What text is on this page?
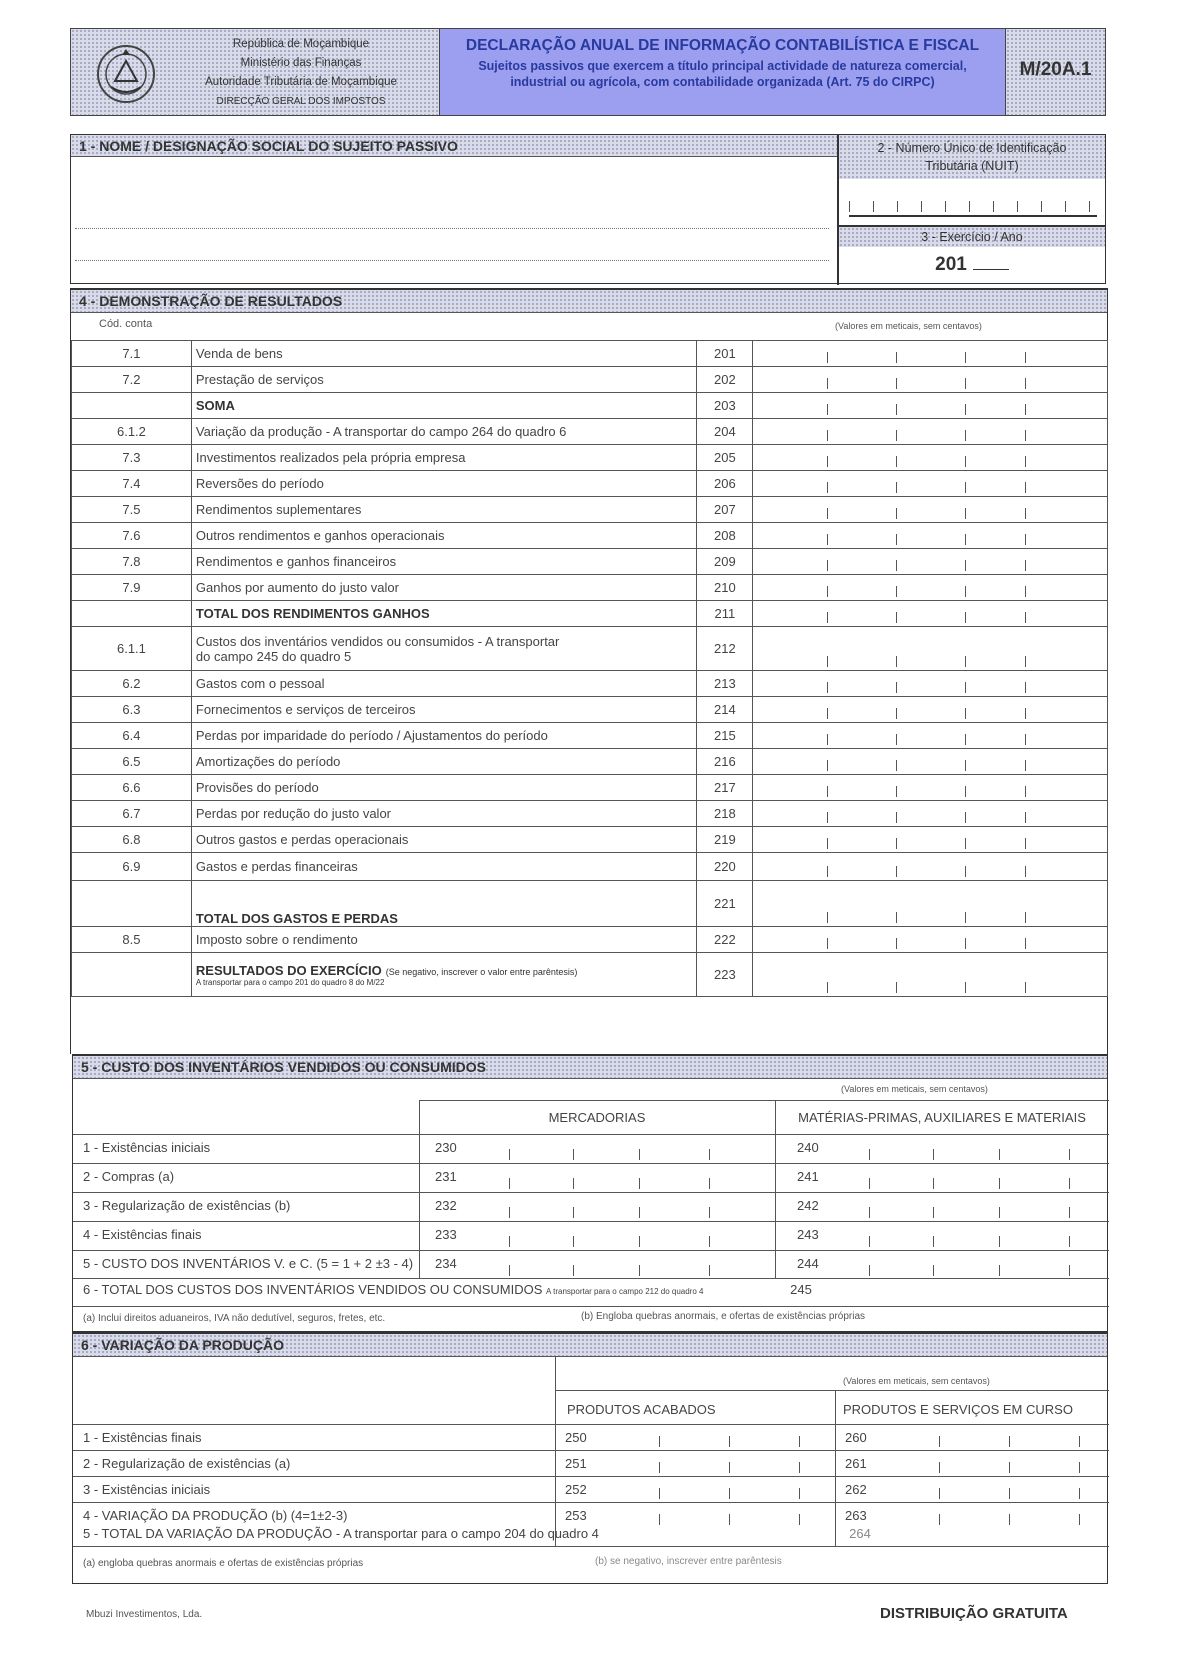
República de Moçambique
Ministério das Finanças
Autoridade Tributária de Moçambique
DIRECÇÃO GERAL DOS IMPOSTOS
DECLARAÇÃO ANUAL DE INFORMAÇÃO CONTABILÍSTICA E FISCAL
Sujeitos passivos que exercem a título principal actividade de natureza comercial,
industrial ou agrícola, com contabilidade organizada (Art. 75 do CIRPC)
M/20A.1
1 - NOME / DESIGNAÇÃO SOCIAL DO SUJEITO PASSIVO	2 - Número Único de Identificação
Tributária (NUIT)
3 - Exercício / Ano
201
4 - DEMONSTRAÇÃO DE RESULTADOS
Cód. conta	(Valores em meticais, sem centavos)
7.1	Venda de bens	201	

7.2	Prestação de serviços	202	

	SOMA	203	

6.1.2	Variação da produção - A transportar do campo 264 do quadro 6	204	

7.3	Investimentos realizados pela própria empresa	205	

7.4	Reversões do período	206	

7.5	Rendimentos suplementares	207	

7.6	Outros rendimentos e ganhos operacionais	208	

7.8	Rendimentos e ganhos financeiros	209	

7.9	Ganhos por aumento do justo valor	210	

	TOTAL DOS RENDIMENTOS GANHOS	211	

6.1.1	Custos dos inventários vendidos ou consumidos - A transportar
do campo 245 do quadro 5	212	

6.2	Gastos com o pessoal	213	

6.3	Fornecimentos e serviços de terceiros	214	

6.4	Perdas por imparidade do período / Ajustamentos do período	215	

6.5	Amortizações do período	216	

6.6	Provisões do período	217	

6.7	Perdas por redução do justo valor	218	

6.8	Outros gastos e perdas operacionais	219	

6.9	Gastos e perdas financeiras	220	

	TOTAL DOS GASTOS E PERDAS	221	

8.5	Imposto sobre o rendimento	222	

	RESULTADOS DO EXERCÍCIO (Se negativo, inscrever o valor entre parêntesis)
A transportar para o campo 201 do quadro 8 do M/22	223	
5 - CUSTO DOS INVENTÁRIOS VENDIDOS OU CONSUMIDOS
(Valores em meticais, sem centavos)
MERCADORIAS	MATÉRIAS-PRIMAS, AUXILIARES E MATERIAIS
1 - Existências iniciais	230	240
2 - Compras (a)	231	241
3 - Regularização de existências (b)	232	242
4 - Existências finais	233	243
5 - CUSTO DOS INVENTÁRIOS V. e C. (5 = 1 + 2 ±3 - 4) 234	244
6 - TOTAL DOS CUSTOS DOS INVENTÁRIOS VENDIDOS OU CONSUMIDOS A transportar para o campo 212 do quadro 4	245
(a) Inclui direitos aduaneiros, IVA não dedutível, seguros, fretes, etc.	(b) Engloba quebras anormais, e ofertas de existências próprias
6 - VARIAÇÃO DA PRODUÇÃO
(Valores em meticais, sem centavos)
PRODUTOS ACABADOS	PRODUTOS E SERVIÇOS EM CURSO
1 - Existências finais	250	260
2 - Regularização de existências (a)	251	261
3 - Existências iniciais	252	262
4 - VARIAÇÃO DA PRODUÇÃO (b) (4=1±2-3)	253	263
5 - TOTAL DA VARIAÇÃO DA PRODUÇÃO - A transportar para o campo 204 do quadro 4	264
(a) engloba quebras anormais e ofertas de existências próprias	(b) se negativo, inscrever entre parêntesis
Mbuzi Investimentos, Lda.	DISTRIBUIÇÃO GRATUITA
